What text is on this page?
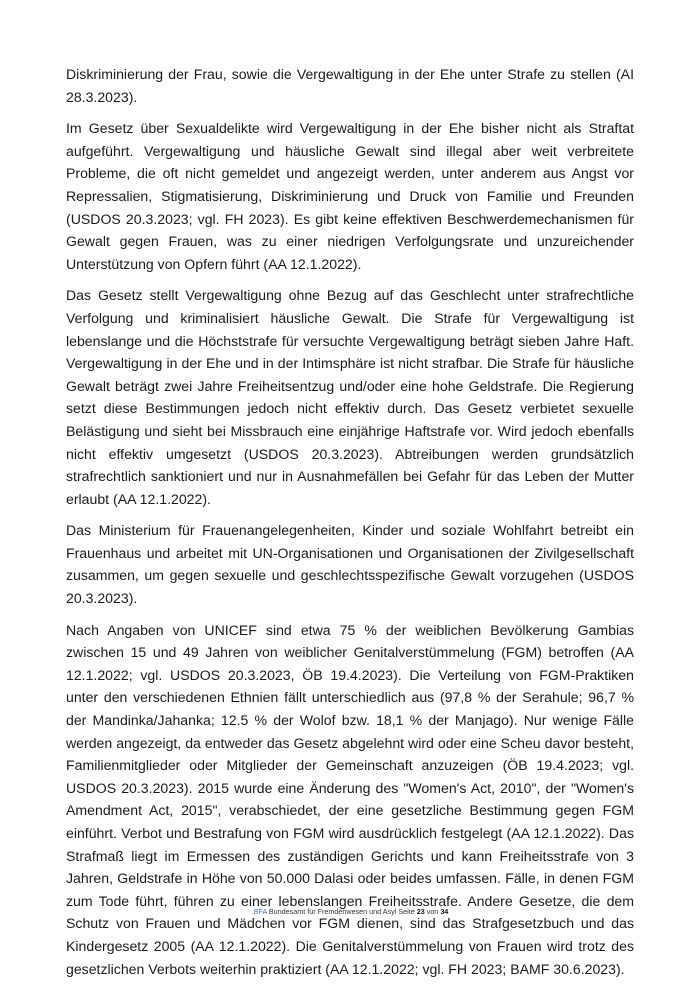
Diskriminierung der Frau, sowie die Vergewaltigung in der Ehe unter Strafe zu stellen (AI 28.3.2023).

Im Gesetz über Sexualdelikte wird Vergewaltigung in der Ehe bisher nicht als Straftat aufgeführt. Vergewaltigung und häusliche Gewalt sind illegal aber weit verbreitete Probleme, die oft nicht gemeldet und angezeigt werden, unter anderem aus Angst vor Repressalien, Stigmatisierung, Diskriminierung und Druck von Familie und Freunden (USDOS 20.3.2023; vgl. FH 2023). Es gibt keine effektiven Beschwerdemechanismen für Gewalt gegen Frauen, was zu einer niedrigen Verfolgungsrate und unzureichender Unterstützung von Opfern führt (AA 12.1.2022).

Das Gesetz stellt Vergewaltigung ohne Bezug auf das Geschlecht unter strafrechtliche Verfolgung und kriminalisiert häusliche Gewalt. Die Strafe für Vergewaltigung ist lebenslange und die Höchststrafe für versuchte Vergewaltigung beträgt sieben Jahre Haft. Vergewaltigung in der Ehe und in der Intimsphäre ist nicht strafbar. Die Strafe für häusliche Gewalt beträgt zwei Jahre Freiheitsentzug und/oder eine hohe Geldstrafe. Die Regierung setzt diese Bestimmungen jedoch nicht effektiv durch. Das Gesetz verbietet sexuelle Belästigung und sieht bei Missbrauch eine einjährige Haftstrafe vor. Wird jedoch ebenfalls nicht effektiv umgesetzt (USDOS 20.3.2023). Abtreibungen werden grundsätzlich strafrechtlich sanktioniert und nur in Ausnahmefällen bei Gefahr für das Leben der Mutter erlaubt (AA 12.1.2022).

Das Ministerium für Frauenangelegenheiten, Kinder und soziale Wohlfahrt betreibt ein Frauenhaus und arbeitet mit UN-Organisationen und Organisationen der Zivilgesellschaft zusammen, um gegen sexuelle und geschlechtsspezifische Gewalt vorzugehen (USDOS 20.3.2023).

Nach Angaben von UNICEF sind etwa 75 % der weiblichen Bevölkerung Gambias zwischen 15 und 49 Jahren von weiblicher Genitalverstümmelung (FGM) betroffen (AA 12.1.2022; vgl. USDOS 20.3.2023, ÖB 19.4.2023). Die Verteilung von FGM-Praktiken unter den verschiedenen Ethnien fällt unterschiedlich aus (97,8 % der Serahule; 96,7 % der Mandinka/Jahanka; 12.5 % der Wolof bzw. 18,1 % der Manjago). Nur wenige Fälle werden angezeigt, da entweder das Gesetz abgelehnt wird oder eine Scheu davor besteht, Familienmitglieder oder Mitglieder der Gemeinschaft anzuzeigen (ÖB 19.4.2023; vgl. USDOS 20.3.2023). 2015 wurde eine Änderung des "Women's Act, 2010", der "Women's Amendment Act, 2015", verabschiedet, der eine gesetzliche Bestimmung gegen FGM einführt. Verbot und Bestrafung von FGM wird ausdrücklich festgelegt (AA 12.1.2022). Das Strafmaß liegt im Ermessen des zuständigen Gerichts und kann Freiheitsstrafe von 3 Jahren, Geldstrafe in Höhe von 50.000 Dalasi oder beides umfassen. Fälle, in denen FGM zum Tode führt, führen zu einer lebenslangen Freiheitsstrafe. Andere Gesetze, die dem Schutz von Frauen und Mädchen vor FGM dienen, sind das Strafgesetzbuch und das Kindergesetz 2005 (AA 12.1.2022). Die Genitalverstümmelung von Frauen wird trotz des gesetzlichen Verbots weiterhin praktiziert (AA 12.1.2022; vgl. FH 2023; BAMF 30.6.2023).

.BFA Bundesamt für Fremdenwesen und Asyl Seite 23 von 34
